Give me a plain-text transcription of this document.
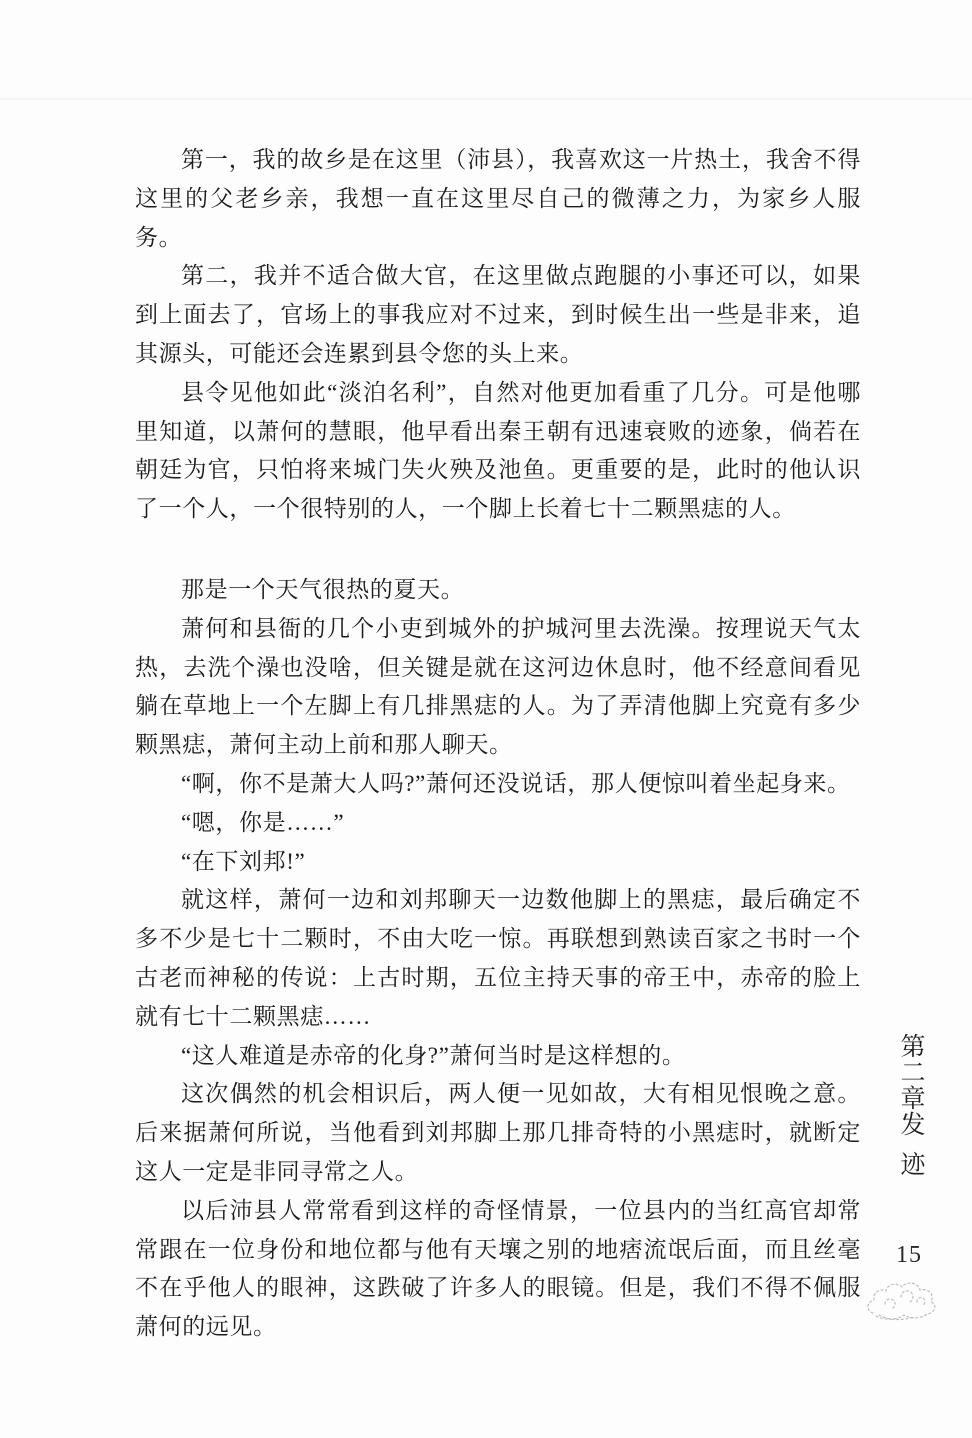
第一，我的故乡是在这里（沛县），我喜欢这一片热土，我舍不得这里的父老乡亲，我想一直在这里尽自己的微薄之力，为家乡人服务。

第二，我并不适合做大官，在这里做点跑腿的小事还可以，如果到上面去了，官场上的事我应对不过来，到时候生出一些是非来，追其源头，可能还会连累到县令您的头上来。

县令见他如此“淡泊名利”，自然对他更加看重了几分。可是他哪里知道，以萧何的慧眼，他早看出秦王朝有迅速衰败的迹象，倘若在朝廷为官，只怕将来城门失火殃及池鱼。更重要的是，此时的他认识了一个人，一个很特别的人，一个脚上长着七十二颗黑痣的人。

那是一个天气很热的夏天。

萧何和县衙的几个小吏到城外的护城河里去洗澡。按理说天气太热，去洗个澡也没啥，但关键是就在这河边休息时，他不经意间看见躺在草地上一个左脚上有几排黑痣的人。为了弄清他脚上究竟有多少颗黑痣，萧何主动上前和那人聊天。

“啊，你不是萧大人吗?”萧何还没说话，那人便惊叫着坐起身来。

“嗯，你是……”

“在下刘邦!”

就这样，萧何一边和刘邦聊天一边数他脚上的黑痣，最后确定不多不少是七十二颗时，不由大吃一惊。再联想到熟读百家之书时一个古老而神秘的传说：上古时期，五位主持天事的帝王中，赤帝的脸上就有七十二颗黑痣……

“这人难道是赤帝的化身?”萧何当时是这样想的。

这次偶然的机会相识后，两人便一见如故，大有相见恨晚之意。后来据萧何所说，当他看到刘邦脚上那几排奇特的小黑痣时，就断定这人一定是非同寻常之人。

以后沛县人常常看到这样的奇怪情景，一位县内的当红高官却常常跟在一位身份和地位都与他有天壤之别的地痞流氓后面，而且丝毫不在乎他人的眼神，这跌破了许多人的眼镜。但是，我们不得不佩服萧何的远见。

第二章发迹
15
